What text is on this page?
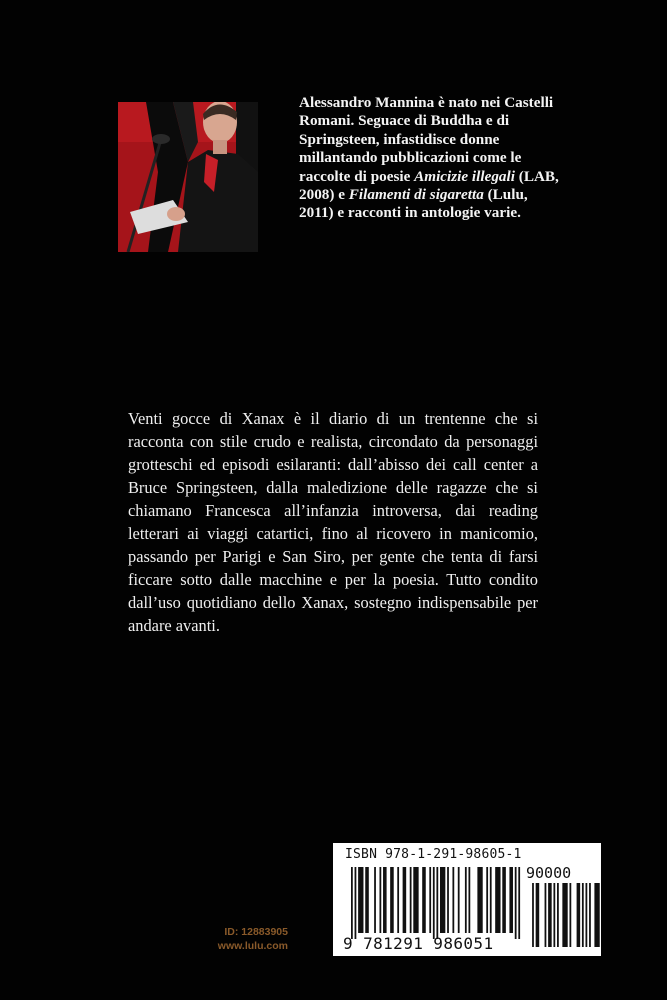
Alessandro Mannina è nato nei Castelli Romani. Seguace di Buddha e di Springsteen, infastidisce donne millantando pubblicazioni come le raccolte di poesie Amicizie illegali (LAB, 2008) e Filamenti di sigaretta (Lulu, 2011) e racconti in antologie varie.
Venti gocce di Xanax è il diario di un trentenne che si racconta con stile crudo e realista, circondato da personaggi grotteschi ed episodi esilaranti: dall’abisso dei call center a Bruce Springsteen, dalla maledizione delle ragazze che si chiamano Francesca all’infanzia introversa, dai reading letterari ai viaggi catartici, fino al ricovero in manicomio, passando per Parigi e San Siro, per gente che tenta di farsi ficcare sotto dalle macchine e per la poesia. Tutto condito dall’uso quotidiano dello Xanax, sostegno indispensabile per andare avanti.
ID: 12883905
www.lulu.com
ISBN 978-1-291-98605-1
90000
9 781291 986051
